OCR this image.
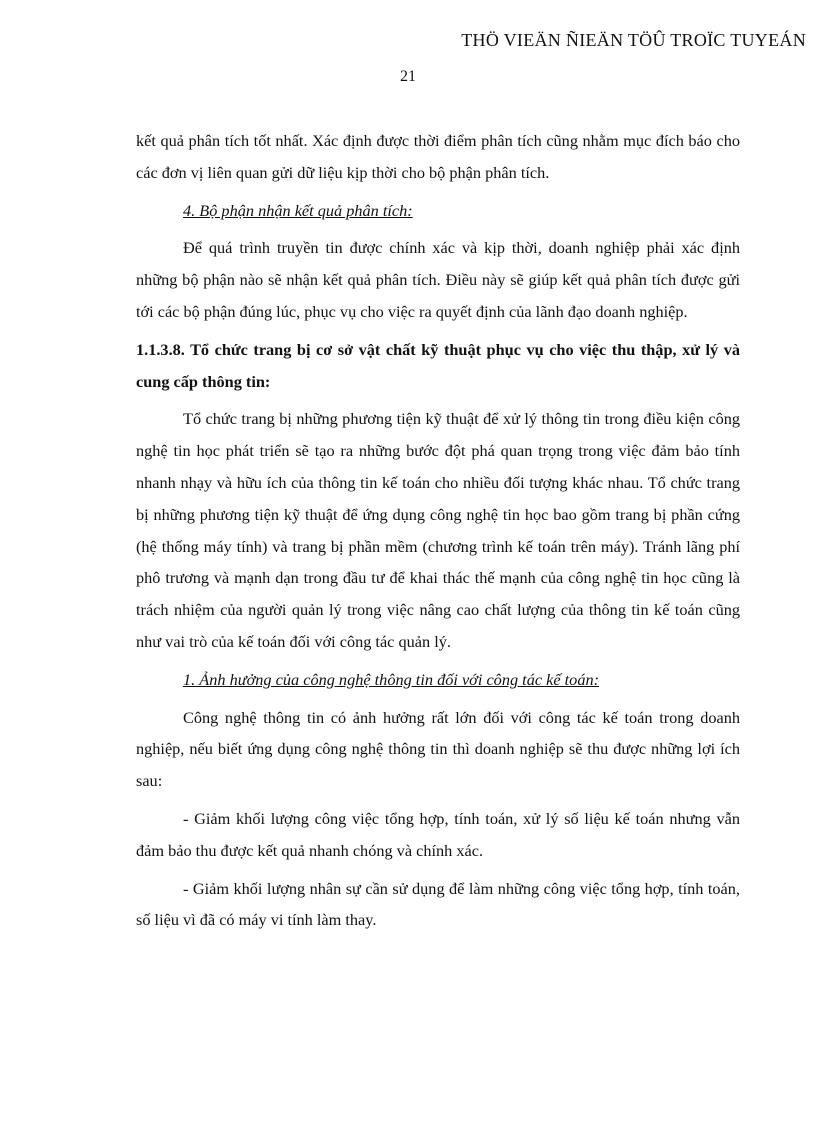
THÖ VIEÄN ÑIEÄN TÖÛ TROÏC TUYEÁN
21

kết quả phân tích tốt nhất. Xác định được thời điểm phân tích cũng nhằm mục đích báo cho các đơn vị liên quan gửi dữ liệu kịp thời cho bộ phận phân tích.

4. Bộ phận nhận kết quả phân tích:

Để quá trình truyền tin được chính xác và kịp thời, doanh nghiệp phải xác định những bộ phận nào sẽ nhận kết quả phân tích. Điều này sẽ giúp kết quả phân tích được gửi tới các bộ phận đúng lúc, phục vụ cho việc ra quyết định của lãnh đạo doanh nghiệp.

1.1.3.8. Tổ chức trang bị cơ sở vật chất kỹ thuật phục vụ cho việc thu thập, xử lý và cung cấp thông tin:

Tổ chức trang bị những phương tiện kỹ thuật để xử lý thông tin trong điều kiện công nghệ tin học phát triển sẽ tạo ra những bước đột phá quan trọng trong việc đảm bảo tính nhanh nhạy và hữu ích của thông tin kế toán cho nhiều đối tượng khác nhau. Tổ chức trang bị những phương tiện kỹ thuật để ứng dụng công nghệ tin học bao gồm trang bị phần cứng (hệ thống máy tính) và trang bị phần mềm (chương trình kế toán trên máy). Tránh lãng phí phô trương và mạnh dạn trong đầu tư để khai thác thế mạnh của công nghệ tin học cũng là trách nhiệm của người quản lý trong việc nâng cao chất lượng của thông tin kế toán cũng như vai trò của kế toán đối với công tác quản lý.

1. Ảnh hưởng của công nghệ thông tin đối với công tác kế toán:

Công nghệ thông tin có ảnh hưởng rất lớn đối với công tác kế toán trong doanh nghiệp, nếu biết ứng dụng công nghệ thông tin thì doanh nghiệp sẽ thu được những lợi ích sau:

- Giảm khối lượng công việc tổng hợp, tính toán, xử lý số liệu kế toán nhưng vẫn đảm bảo thu được kết quả nhanh chóng và chính xác.

- Giảm khối lượng nhân sự cần sử dụng để làm những công việc tổng hợp, tính toán, số liệu vì đã có máy vi tính làm thay.
